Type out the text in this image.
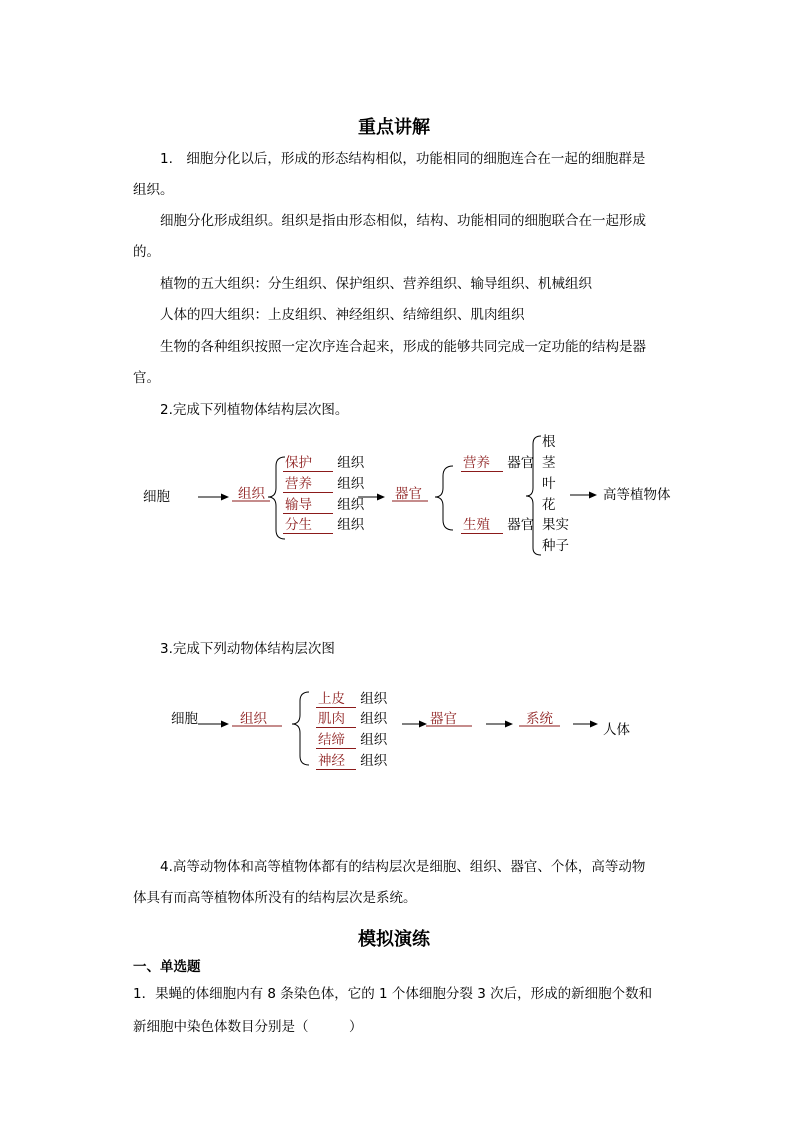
重点讲解
1.　细胞分化以后，形成的形态结构相似，功能相同的细胞连合在一起的细胞群是
组织。
细胞分化形成组织。组织是指由形态相似，结构、功能相同的细胞联合在一起形成
的。
植物的五大组织：分生组织、保护组织、营养组织、输导组织、机械组织
人体的四大组织：上皮组织、神经组织、结缔组织、肌肉组织
生物的各种组织按照一定次序连合起来，形成的能够共同完成一定功能的结构是器
官。
2.完成下列植物体结构层次图。
细胞	组织
保护 组织
营养 组织
输导 组织
分生 组织
器官
营养 器官
生殖 器官
根
茎
叶
花
果实
种子
高等植物体
3.完成下列动物体结构层次图
细胞	组织
上皮 组织
肌肉 组织
结缔 组织
神经 组织
器官	系统
人体
4.高等动物体和高等植物体都有的结构层次是细胞、组织、器官、个体，高等动物
体具有而高等植物体所没有的结构层次是系统。
模拟演练
一、单选题
1．果蝇的体细胞内有 8 条染色体，它的 1 个体细胞分裂 3 次后，形成的新细胞个数和
新细胞中染色体数目分别是（　　　）
